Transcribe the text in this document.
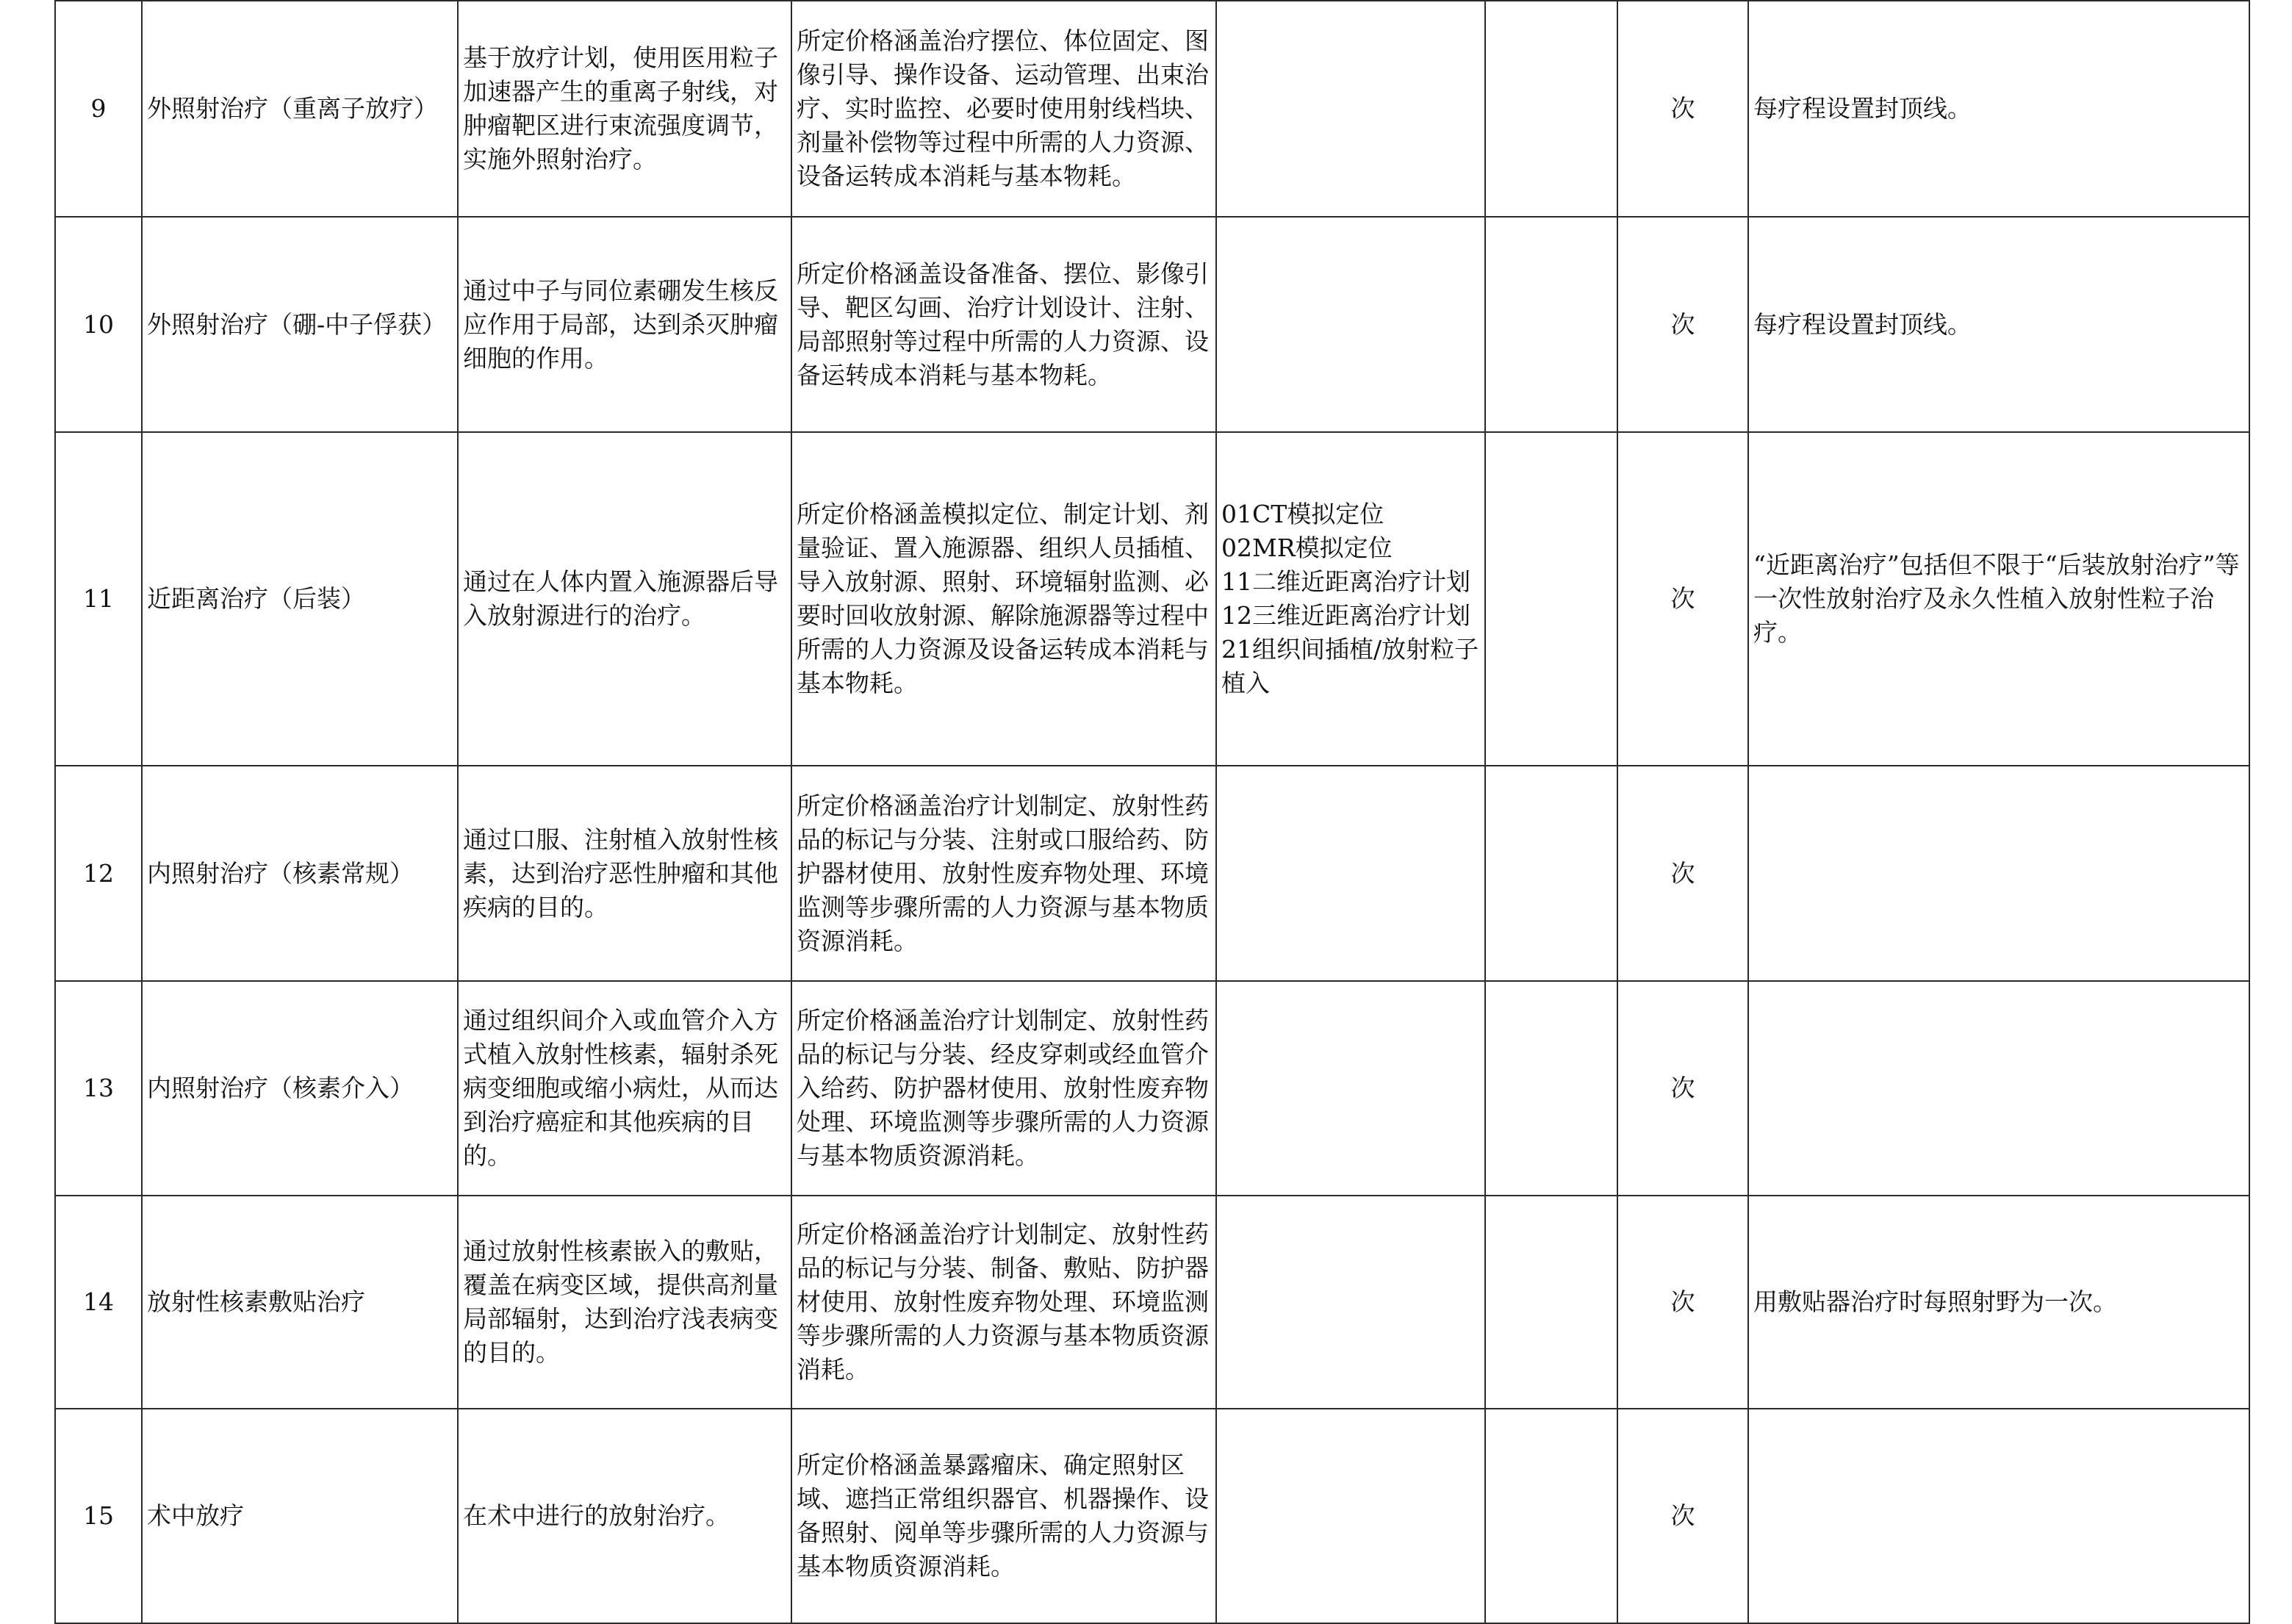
9	外照射治疗（重离子放疗）	基于放疗计划，使用医用粒子加速器产生的重离子射线，对肿瘤靶区进行束流强度调节，实施外照射治疗。	所定价格涵盖治疗摆位、体位固定、图像引导、操作设备、运动管理、出束治疗、实时监控、必要时使用射线档块、剂量补偿物等过程中所需的人力资源、设备运转成本消耗与基本物耗。			次	每疗程设置封顶线。
10	外照射治疗（硼-中子俘获）	通过中子与同位素硼发生核反应作用于局部，达到杀灭肿瘤细胞的作用。	所定价格涵盖设备准备、摆位、影像引导、靶区勾画、治疗计划设计、注射、局部照射等过程中所需的人力资源、设备运转成本消耗与基本物耗。			次	每疗程设置封顶线。
11	近距离治疗（后装）	通过在人体内置入施源器后导入放射源进行的治疗。	所定价格涵盖模拟定位、制定计划、剂量验证、置入施源器、组织人员插植、导入放射源、照射、环境辐射监测、必要时回收放射源、解除施源器等过程中所需的人力资源及设备运转成本消耗与基本物耗。	01CT模拟定位
02MR模拟定位
11二维近距离治疗计划
12三维近距离治疗计划
21组织间插植/放射粒子植入		次	“近距离治疗”包括但不限于“后装放射治疗”等一次性放射治疗及永久性植入放射性粒子治疗。
12	内照射治疗（核素常规）	通过口服、注射植入放射性核素，达到治疗恶性肿瘤和其他疾病的目的。	所定价格涵盖治疗计划制定、放射性药品的标记与分装、注射或口服给药、防护器材使用、放射性废弃物处理、环境监测等步骤所需的人力资源与基本物质资源消耗。			次	
13	内照射治疗（核素介入）	通过组织间介入或血管介入方式植入放射性核素，辐射杀死病变细胞或缩小病灶，从而达到治疗癌症和其他疾病的目的。	所定价格涵盖治疗计划制定、放射性药品的标记与分装、经皮穿刺或经血管介入给药、防护器材使用、放射性废弃物处理、环境监测等步骤所需的人力资源与基本物质资源消耗。			次	
14	放射性核素敷贴治疗	通过放射性核素嵌入的敷贴，覆盖在病变区域，提供高剂量局部辐射，达到治疗浅表病变的目的。	所定价格涵盖治疗计划制定、放射性药品的标记与分装、制备、敷贴、防护器材使用、放射性废弃物处理、环境监测等步骤所需的人力资源与基本物质资源消耗。			次	用敷贴器治疗时每照射野为一次。
15	术中放疗	在术中进行的放射治疗。	所定价格涵盖暴露瘤床、确定照射区域、遮挡正常组织器官、机器操作、设备照射、阅单等步骤所需的人力资源与基本物质资源消耗。			次	
